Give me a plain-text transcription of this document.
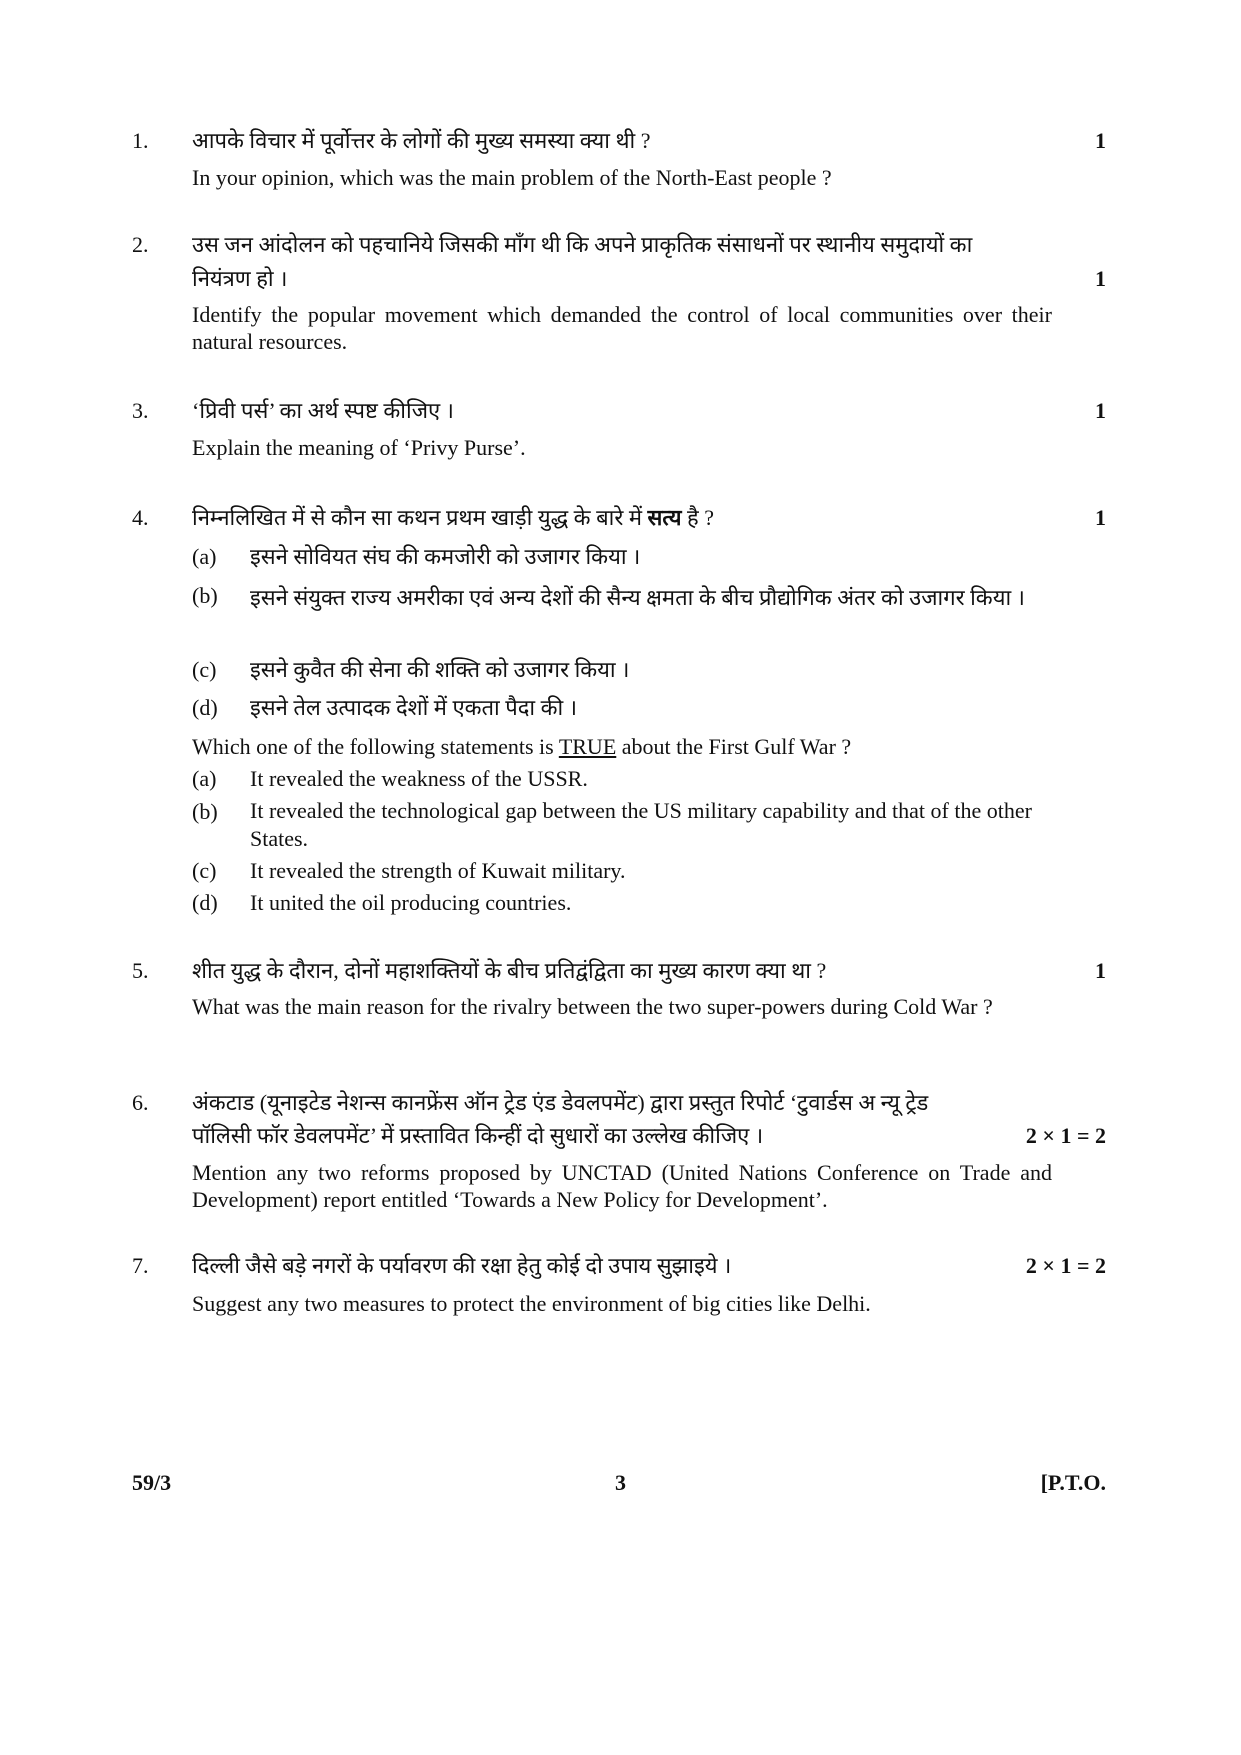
1. आपके विचार में पूर्वोत्तर के लोगों की मुख्य समस्या क्या थी ?	1
In your opinion, which was the main problem of the North-East people ?
2. उस जन आंदोलन को पहचानिये जिसकी माँग थी कि अपने प्राकृतिक संसाधनों पर स्थानीय समुदायों का
नियंत्रण हो ।	1
Identify the popular movement which demanded the control of local communities over their natural resources.
3. ‘प्रिवी पर्स’ का अर्थ स्पष्ट कीजिए ।	1
Explain the meaning of ‘Privy Purse’.
4. निम्नलिखित में से कौन सा कथन प्रथम खाड़ी युद्ध के बारे में सत्य है ?	1
(a) इसने सोवियत संघ की कमजोरी को उजागर किया ।
(b) इसने संयुक्त राज्य अमरीका एवं अन्य देशों की सैन्य क्षमता के बीच प्रौद्योगिक अंतर को उजागर किया ।
(c) इसने कुवैत की सेना की शक्ति को उजागर किया ।
(d) इसने तेल उत्पादक देशों में एकता पैदा की ।
Which one of the following statements is TRUE about the First Gulf War ?
(a) It revealed the weakness of the USSR.
(b) It revealed the technological gap between the US military capability and that of the other States.
(c) It revealed the strength of Kuwait military.
(d) It united the oil producing countries.
5. शीत युद्ध के दौरान, दोनों महाशक्तियों के बीच प्रतिद्वंद्विता का मुख्य कारण क्या था ?	1
What was the main reason for the rivalry between the two super-powers during Cold War ?
6. अंकटाड (यूनाइटेड नेशन्स कानफ्रेंस ऑन ट्रेड एंड डेवलपमेंट) द्वारा प्रस्तुत रिपोर्ट ‘टुवार्डस अ न्यू ट्रेड
पॉलिसी फॉर डेवलपमेंट’ में प्रस्तावित किन्हीं दो सुधारों का उल्लेख कीजिए ।	2 × 1 = 2
Mention any two reforms proposed by UNCTAD (United Nations Conference on Trade and Development) report entitled ‘Towards a New Policy for Development’.
7. दिल्ली जैसे बड़े नगरों के पर्यावरण की रक्षा हेतु कोई दो उपाय सुझाइये ।	2 × 1 = 2
Suggest any two measures to protect the environment of big cities like Delhi.
59/3	3	[P.T.O.
